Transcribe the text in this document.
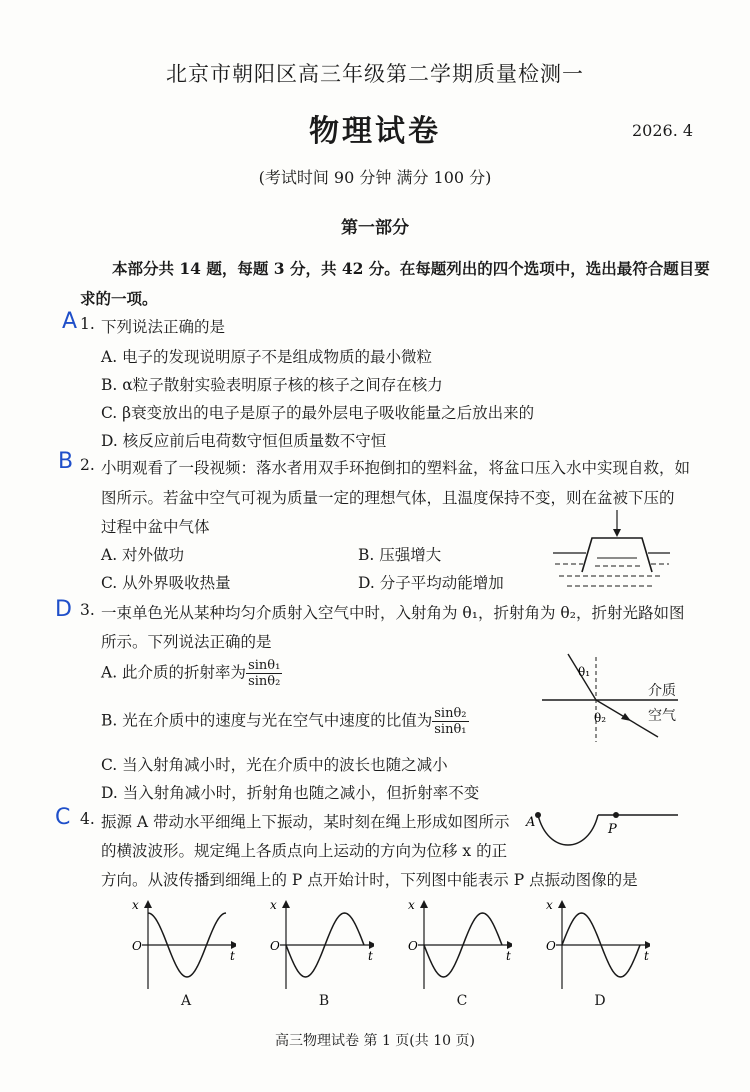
北京市朝阳区高三年级第二学期质量检测一
物理试卷	2026. 4
(考试时间 90 分钟 满分 100 分)
第一部分
本部分共 14 题，每题 3 分，共 42 分。在每题列出的四个选项中，选出最符合题目要
求的一项。
A 1. 下列说法正确的是
A. 电子的发现说明原子不是组成物质的最小微粒
B. α粒子散射实验表明原子核的核子之间存在核力
C. β衰变放出的电子是原子的最外层电子吸收能量之后放出来的
D. 核反应前后电荷数守恒但质量数不守恒
B 2. 小明观看了一段视频：落水者用双手环抱倒扣的塑料盆，将盆口压入水中实现自救，如
图所示。若盆中空气可视为质量一定的理想气体，且温度保持不变，则在盆被下压的
过程中盆中气体
A. 对外做功	B. 压强增大
C. 从外界吸收热量	D. 分子平均动能增加
D 3. 一束单色光从某种均匀介质射入空气中时，入射角为 θ₁，折射角为 θ₂，折射光路如图
所示。下列说法正确的是
A. 此介质的折射率为 $\frac{\text{sinθ₁}}{\text{sinθ₂}}$
B. 光在介质中的速度与光在空气中速度的比值为 $\frac{\text{sinθ₂}}{\text{sinθ₁}}$
C. 当入射角减小时，光在介质中的波长也随之减小
D. 当入射角减小时，折射角也随之减小，但折射率不变
θ₁
θ₂
介质
空气
C 4. 振源 A 带动水平细绳上下振动，某时刻在绳上形成如图所示
的横波波形。规定绳上各质点向上运动的方向为位移 x 的正
方向。从波传播到细绳上的 P 点开始计时，下列图中能表示 P 点振动图像的是
A	P
x
O
t
A
x
O
t
B
x
O
t
C
x
O
t
D
高三物理试卷 第 1 页(共 10 页)
